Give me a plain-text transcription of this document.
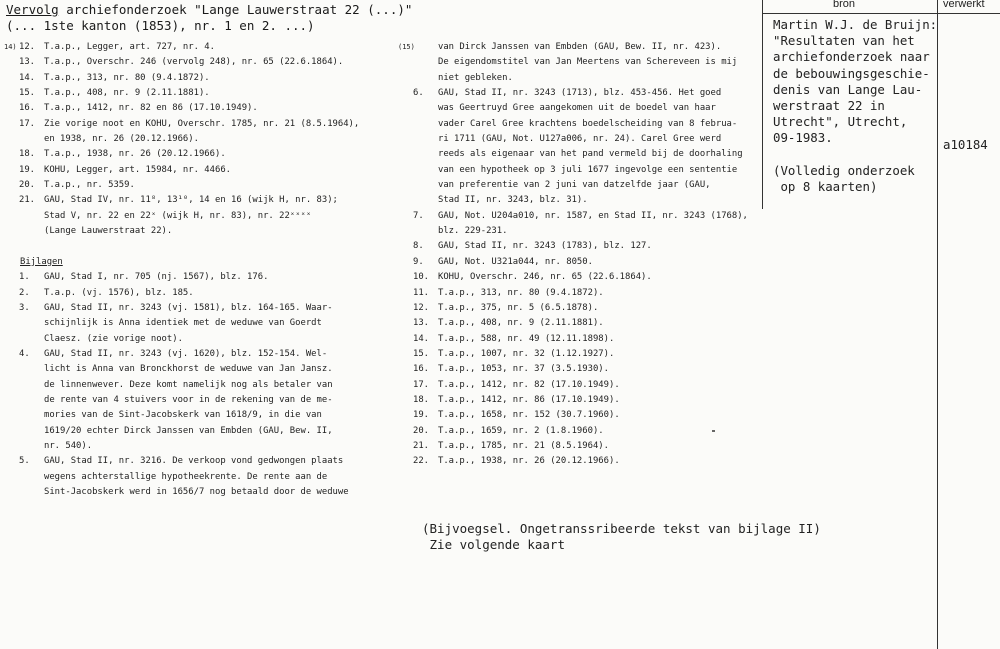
Vervolg archiefonderzoek "Lange Lauwerstraat 22 (...)"
(... 1ste kanton (1853), nr. 1 en 2. ...)
bron	verwerkt
14) 12.	T.a.p., Legger, art. 727, nr. 4.
13.	T.a.p., Overschr. 246 (vervolg 248), nr. 65 (22.6.1864).
14.	T.a.p., 313, nr. 80 (9.4.1872).
15.	T.a.p., 408, nr. 9 (2.11.1881).
16.	T.a.p., 1412, nr. 82 en 86 (17.10.1949).
17.	Zie vorige noot en KOHU, Overschr. 1785, nr. 21 (8.5.1964),
en 1938, nr. 26 (20.12.1966).
18.	T.a.p., 1938, nr. 26 (20.12.1966).
19.	KOHU, Legger, art. 15984, nr. 4466.
20.	T.a.p., nr. 5359.
21.	GAU, Stad IV, nr. 11⁸, 13¹⁰, 14 en 16 (wijk H, nr. 83);
Stad V, nr. 22 en 22ˣ (wijk H, nr. 83), nr. 22ˣˣˣˣ
(Lange Lauwerstraat 22).
Bijlagen
1.	GAU, Stad I, nr. 705 (nj. 1567), blz. 176.
2.	T.a.p. (vj. 1576), blz. 185.
3.	GAU, Stad II, nr. 3243 (vj. 1581), blz. 164-165. Waar-
schijnlijk is Anna identiek met de weduwe van Goerdt
Claesz. (zie vorige noot).
4.	GAU, Stad II, nr. 3243 (vj. 1620), blz. 152-154. Wel-
licht is Anna van Bronckhorst de weduwe van Jan Jansz.
de linnenwever. Deze komt namelijk nog als betaler van
de rente van 4 stuivers voor in de rekening van de me-
mories van de Sint-Jacobskerk van 1618/9, in die van
1619/20 echter Dirck Janssen van Embden (GAU, Bew. II,
nr. 540).
5.	GAU, Stad II, nr. 3216. De verkoop vond gedwongen plaats
wegens achterstallige hypotheekrente. De rente aan de
Sint-Jacobskerk werd in 1656/7 nog betaald door de weduwe
(15)	van Dirck Janssen van Embden (GAU, Bew. II, nr. 423).
De eigendomstitel van Jan Meertens van Schereveen is mij
niet gebleken.
6.	GAU, Stad II, nr. 3243 (1713), blz. 453-456. Het goed
was Geertruyd Gree aangekomen uit de boedel van haar
vader Carel Gree krachtens boedelscheiding van 8 februa-
ri 1711 (GAU, Not. U127a006, nr. 24). Carel Gree werd
reeds als eigenaar van het pand vermeld bij de doorhaling
van een hypotheek op 3 juli 1677 ingevolge een sententie
van preferentie van 2 juni van datzelfde jaar (GAU,
Stad II, nr. 3243, blz. 31).
7.	GAU, Not. U204a010, nr. 1587, en Stad II, nr. 3243 (1768),
blz. 229-231.
8.	GAU, Stad II, nr. 3243 (1783), blz. 127.
9.	GAU, Not. U321a044, nr. 8050.
10.	KOHU, Overschr. 246, nr. 65 (22.6.1864).
11.	T.a.p., 313, nr. 80 (9.4.1872).
12.	T.a.p., 375, nr. 5 (6.5.1878).
13.	T.a.p., 408, nr. 9 (2.11.1881).
14.	T.a.p., 588, nr. 49 (12.11.1898).
15.	T.a.p., 1007, nr. 32 (1.12.1927).
16.	T.a.p., 1053, nr. 37 (3.5.1930).
17.	T.a.p., 1412, nr. 82 (17.10.1949).
18.	T.a.p., 1412, nr. 86 (17.10.1949).
19.	T.a.p., 1658, nr. 152 (30.7.1960).
20.	T.a.p., 1659, nr. 2 (1.8.1960).
21.	T.a.p., 1785, nr. 21 (8.5.1964).
22.	T.a.p., 1938, nr. 26 (20.12.1966).
(Bijvoegsel. Ongetranssribeerde tekst van bijlage II)
Zie volgende kaart
Martin W.J. de Bruijn:
"Resultaten van het
archiefonderzoek naar
de bebouwingsgeschie-
denis van Lange Lau-
werstraat 22 in
Utrecht", Utrecht,
09-1983.

(Volledig onderzoek
op 8 kaarten)
a10184
